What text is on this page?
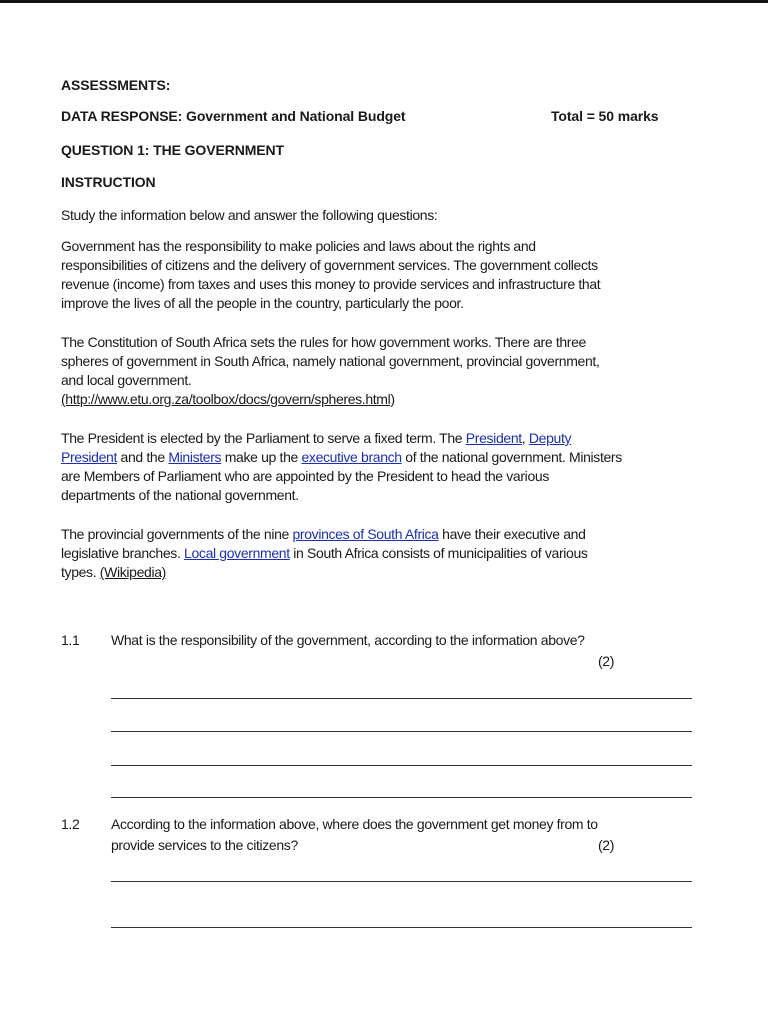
ASSESSMENTS:
DATA RESPONSE: Government and National Budget	Total = 50 marks
QUESTION 1: THE GOVERNMENT
INSTRUCTION
Study the information below and answer the following questions:

Government has the responsibility to make policies and laws about the rights and

responsibilities of citizens and the delivery of government services. The government collects

revenue (income) from taxes and uses this money to provide services and infrastructure that

improve the lives of all the people in the country, particularly the poor.

The Constitution of South Africa sets the rules for how government works. There are three

spheres of government in South Africa, namely national government, provincial government,

and local government.

(http://www.etu.org.za/toolbox/docs/govern/spheres.html)

The President is elected by the Parliament to serve a fixed term. The President, Deputy

President and the Ministers make up the executive branch of the national government. Ministers

are Members of Parliament who are appointed by the President to head the various

departments of the national government.

The provincial governments of the nine provinces of South Africa have their executive and

legislative branches. Local government in South Africa consists of municipalities of various

types. (Wikipedia)

1.1 What is the responsibility of the government, according to the information above?
(2)
1.2 According to the information above, where does the government get money from to
provide services to the citizens?	(2)
